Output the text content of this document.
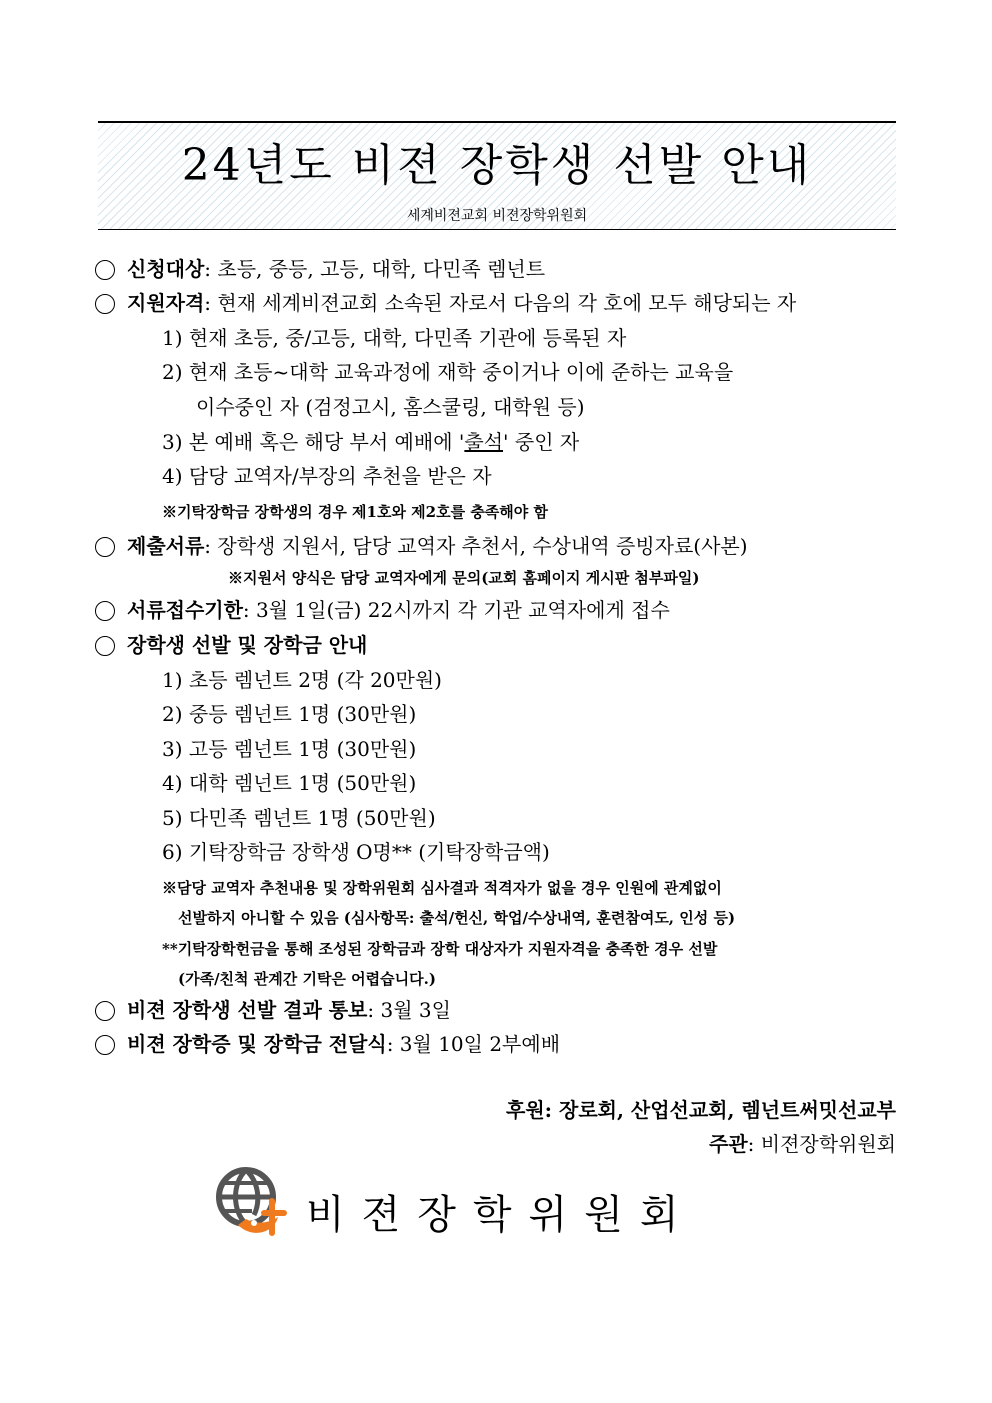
24년도 비젼 장학생 선발 안내
세계비젼교회 비젼장학위원회
신청대상: 초등, 중등, 고등, 대학, 다민족 렘넌트
지원자격: 현재 세계비젼교회 소속된 자로서 다음의 각 호에 모두 해당되는 자
1) 현재 초등, 중/고등, 대학, 다민족 기관에 등록된 자
2) 현재 초등~대학 교육과정에 재학 중이거나 이에 준하는 교육을
이수중인 자 (검정고시, 홈스쿨링, 대학원 등)
3) 본 예배 혹은 해당 부서 예배에 '출석' 중인 자
4) 담당 교역자/부장의 추천을 받은 자
※기탁장학금 장학생의 경우 제1호와 제2호를 충족해야 함
제출서류: 장학생 지원서, 담당 교역자 추천서, 수상내역 증빙자료(사본)
※지원서 양식은 담당 교역자에게 문의(교회 홈페이지 게시판 첨부파일)
서류접수기한: 3월 1일(금) 22시까지 각 기관 교역자에게 접수
장학생 선발 및 장학금 안내
1) 초등 렘넌트 2명 (각 20만원)
2) 중등 렘넌트 1명 (30만원)
3) 고등 렘넌트 1명 (30만원)
4) 대학 렘넌트 1명 (50만원)
5) 다민족 렘넌트 1명 (50만원)
6) 기탁장학금 장학생 O명** (기탁장학금액)
※담당 교역자 추천내용 및 장학위원회 심사결과 적격자가 없을 경우 인원에 관계없이
선발하지 아니할 수 있음 (심사항목: 출석/헌신, 학업/수상내역, 훈련참여도, 인성 등)
**기탁장학헌금을 통해 조성된 장학금과 장학 대상자가 지원자격을 충족한 경우 선발
(가족/친척 관계간 기탁은 어렵습니다.)
비젼 장학생 선발 결과 통보: 3월 3일
비젼 장학증 및 장학금 전달식: 3월 10일 2부예배
후원: 장로회, 산업선교회, 렘넌트써밋선교부
주관: 비젼장학위원회
비젼장학위원회
